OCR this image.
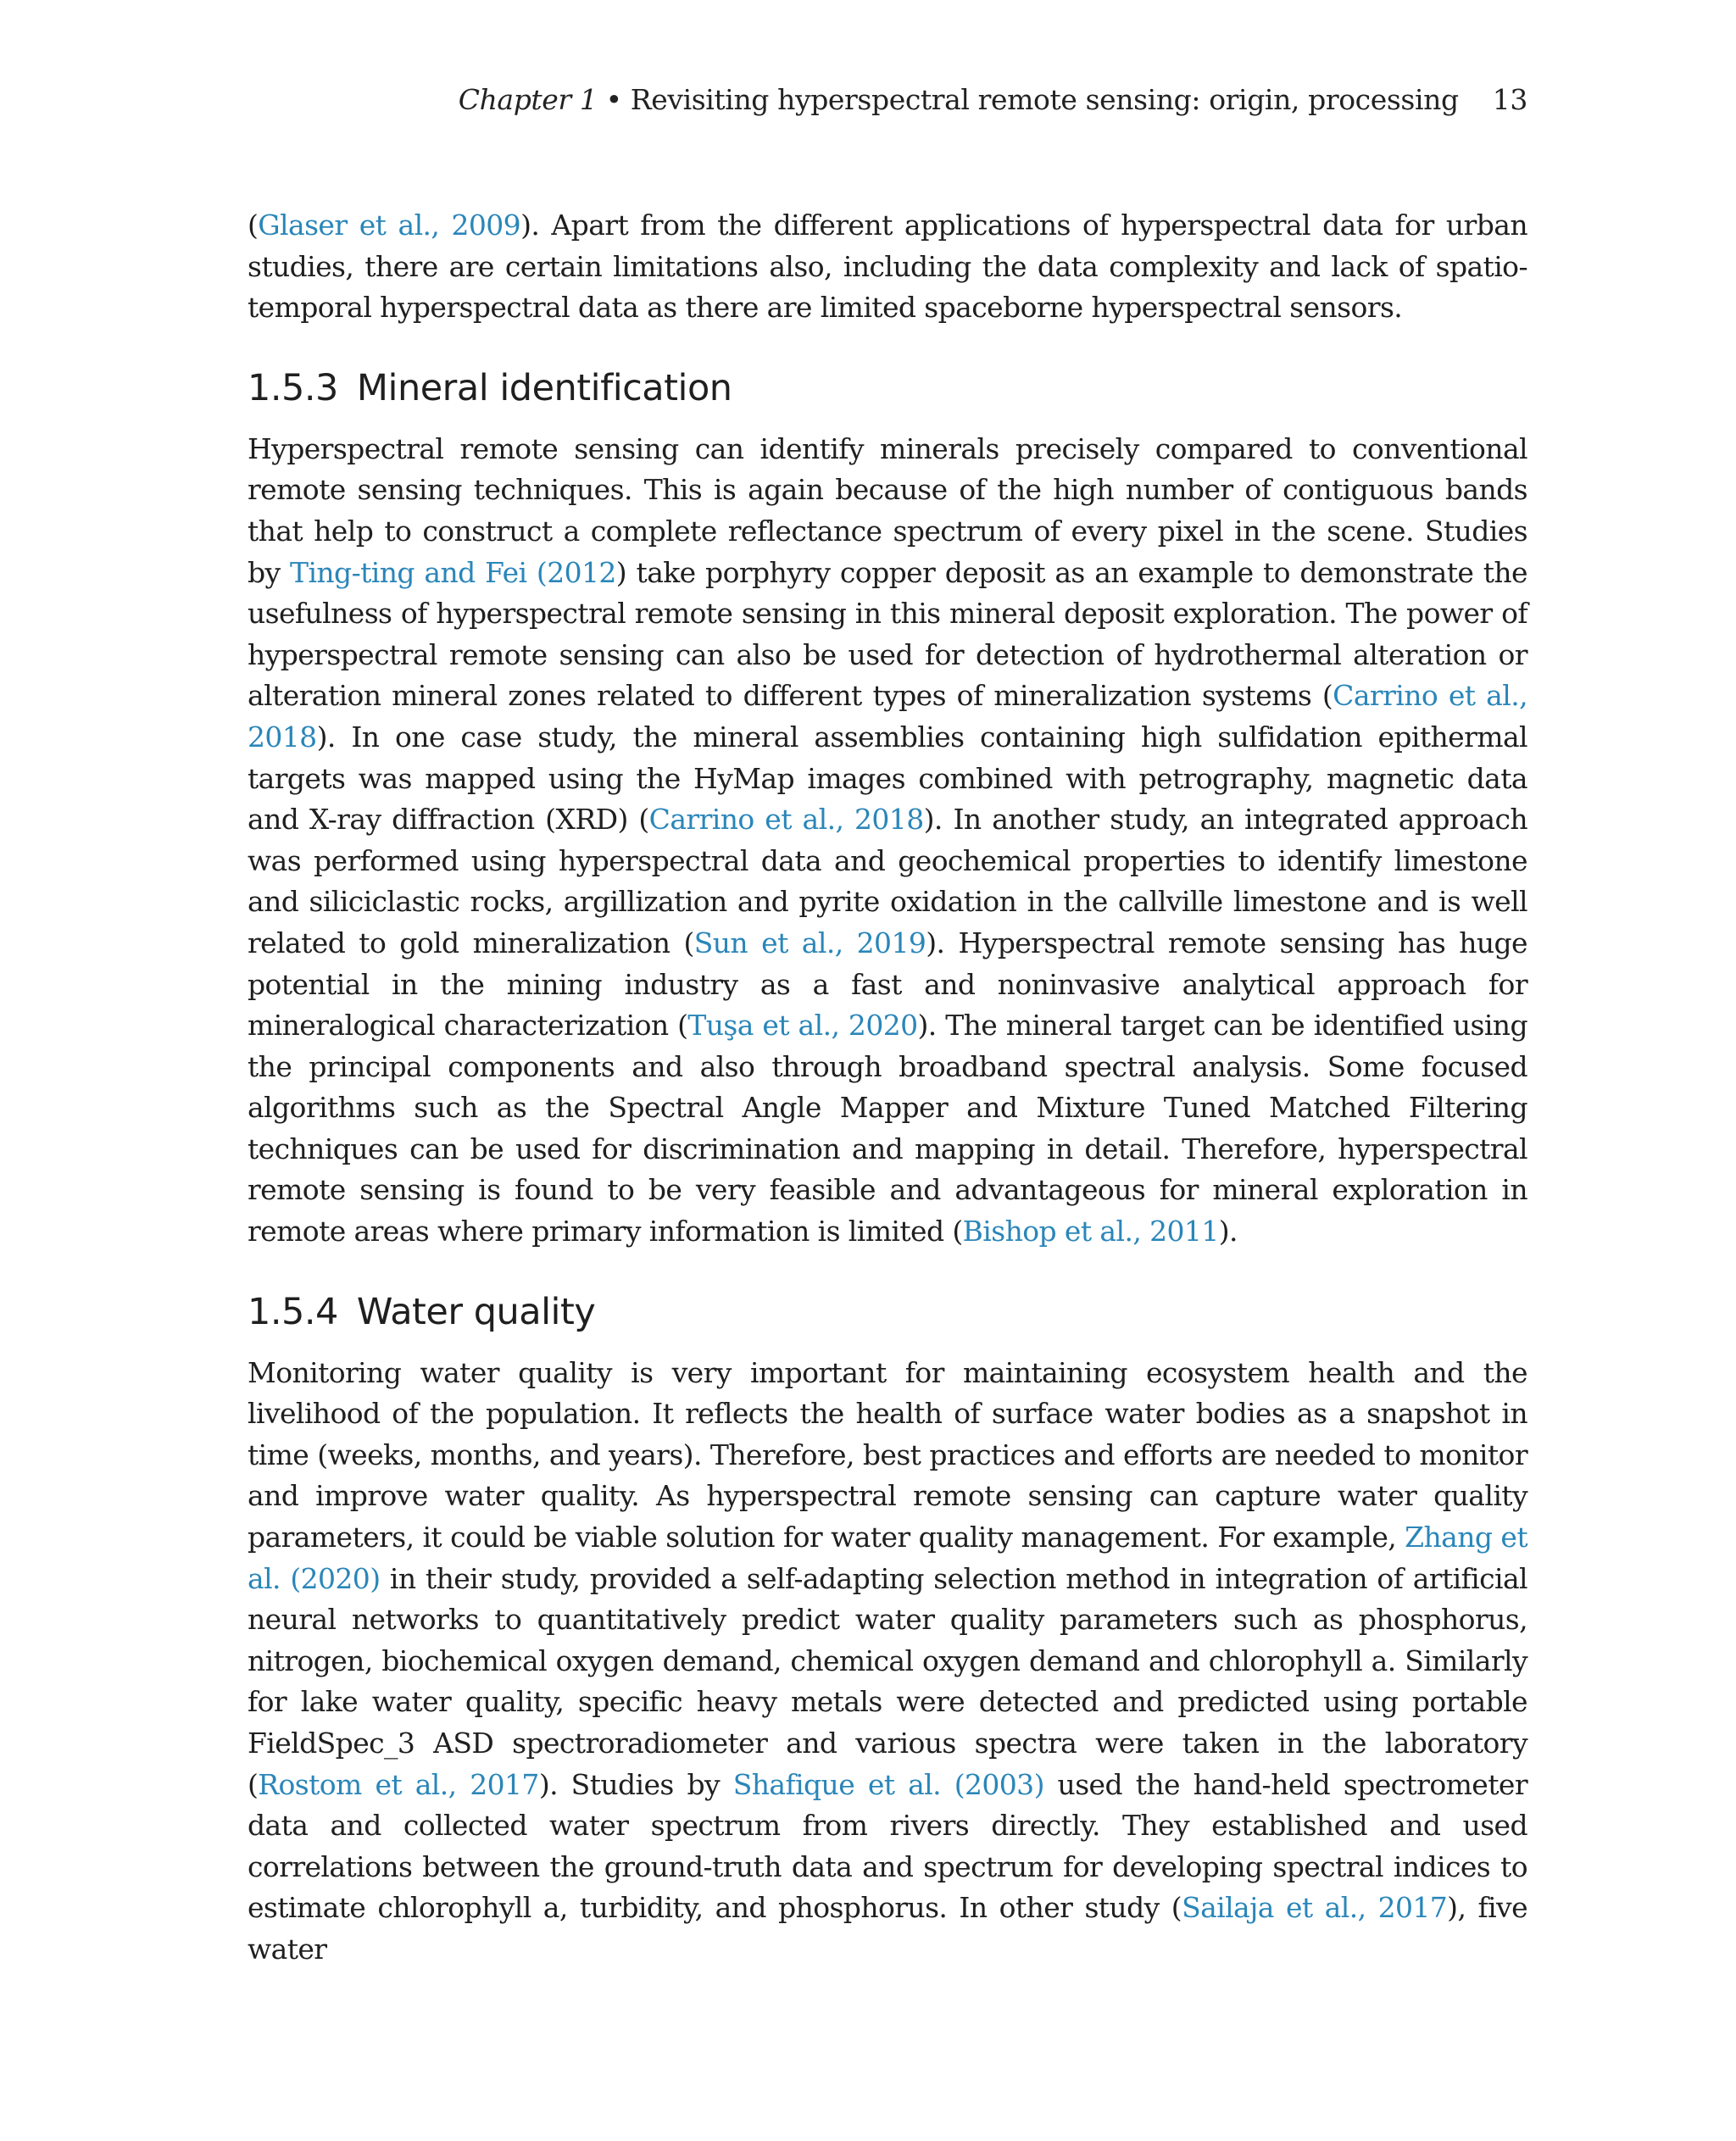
Chapter 1 • Revisiting hyperspectral remote sensing: origin, processing 13

(Glaser et al., 2009). Apart from the different applications of hyperspectral data for urban studies, there are certain limitations also, including the data complexity and lack of spatio-temporal hyperspectral data as there are limited spaceborne hyperspectral sensors.

1.5.3 Mineral identification

Hyperspectral remote sensing can identify minerals precisely compared to conventional remote sensing techniques. This is again because of the high number of contiguous bands that help to construct a complete reflectance spectrum of every pixel in the scene. Studies by Ting-ting and Fei (2012) take porphyry copper deposit as an example to demonstrate the usefulness of hyperspectral remote sensing in this mineral deposit exploration. The power of hyperspectral remote sensing can also be used for detection of hydrothermal alteration or alteration mineral zones related to different types of mineralization systems (Carrino et al., 2018). In one case study, the mineral assemblies containing high sulfidation epithermal targets was mapped using the HyMap images combined with petrography, magnetic data and X-ray diffraction (XRD) (Carrino et al., 2018). In another study, an integrated approach was performed using hyperspectral data and geochemical properties to identify limestone and siliciclastic rocks, argillization and pyrite oxidation in the callville limestone and is well related to gold mineralization (Sun et al., 2019). Hyperspectral remote sensing has huge potential in the mining industry as a fast and noninvasive analytical approach for mineralogical characterization (Tuşa et al., 2020). The mineral target can be identified using the principal components and also through broadband spectral analysis. Some focused algorithms such as the Spectral Angle Mapper and Mixture Tuned Matched Filtering techniques can be used for discrimination and mapping in detail. Therefore, hyperspectral remote sensing is found to be very feasible and advantageous for mineral exploration in remote areas where primary information is limited (Bishop et al., 2011).

1.5.4 Water quality

Monitoring water quality is very important for maintaining ecosystem health and the livelihood of the population. It reflects the health of surface water bodies as a snapshot in time (weeks, months, and years). Therefore, best practices and efforts are needed to monitor and improve water quality. As hyperspectral remote sensing can capture water quality parameters, it could be viable solution for water quality management. For example, Zhang et al. (2020) in their study, provided a self-adapting selection method in integration of artificial neural networks to quantitatively predict water quality parameters such as phosphorus, nitrogen, biochemical oxygen demand, chemical oxygen demand and chlorophyll a. Similarly for lake water quality, specific heavy metals were detected and predicted using portable FieldSpec_3 ASD spectroradiometer and various spectra were taken in the laboratory (Rostom et al., 2017). Studies by Shafique et al. (2003) used the hand-held spectrometer data and collected water spectrum from rivers directly. They established and used correlations between the ground-truth data and spectrum for developing spectral indices to estimate chlorophyll a, turbidity, and phosphorus. In other study (Sailaja et al., 2017), five water
